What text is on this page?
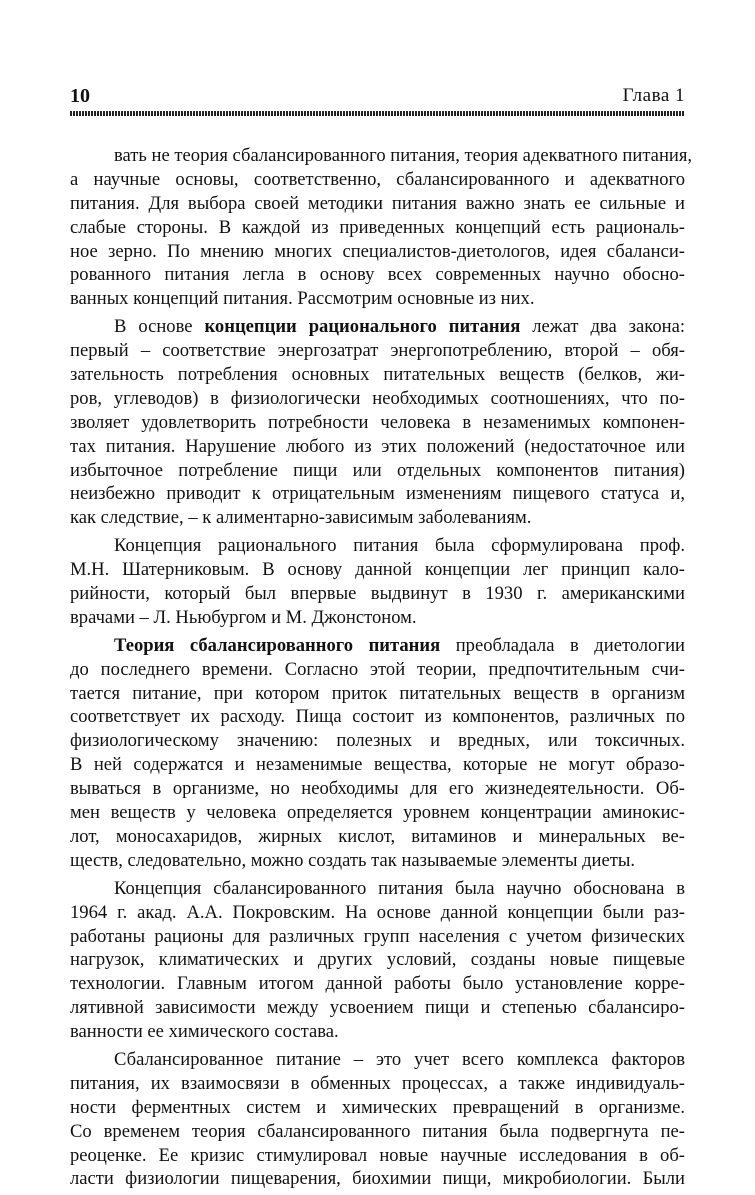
10	Глава 1
вать не теория сбалансированного питания, теория адекватного питания,
а научные основы, соответственно, сбалансированного и адекватного
питания. Для выбора своей методики питания важно знать ее сильные и
слабые стороны. В каждой из приведенных концепций есть рациональ-
ное зерно. По мнению многих специалистов-диетологов, идея сбаланси-
рованного питания легла в основу всех современных научно обосно-
ванных концепций питания. Рассмотрим основные из них.
В основе концепции рационального питания лежат два закона:
первый – соответствие энергозатрат энергопотреблению, второй – обя-
зательность потребления основных питательных веществ (белков, жи-
ров, углеводов) в физиологически необходимых соотношениях, что по-
зволяет удовлетворить потребности человека в незаменимых компонен-
тах питания. Нарушение любого из этих положений (недостаточное или
избыточное потребление пищи или отдельных компонентов питания)
неизбежно приводит к отрицательным изменениям пищевого статуса и,
как следствие, – к алиментарно-зависимым заболеваниям.
Концепция рационального питания была сформулирована проф.
М.Н. Шатерниковым. В основу данной концепции лег принцип кало-
рийности, который был впервые выдвинут в 1930 г. американскими
врачами – Л. Ньюбургом и М. Джонстоном.
Теория сбалансированного питания преобладала в диетологии
до последнего времени. Согласно этой теории, предпочтительным счи-
тается питание, при котором приток питательных веществ в организм
соответствует их расходу. Пища состоит из компонентов, различных по
физиологическому значению: полезных и вредных, или токсичных.
В ней содержатся и незаменимые вещества, которые не могут образо-
вываться в организме, но необходимы для его жизнедеятельности. Об-
мен веществ у человека определяется уровнем концентрации аминокис-
лот, моносахаридов, жирных кислот, витаминов и минеральных ве-
ществ, следовательно, можно создать так называемые элементы диеты.
Концепция сбалансированного питания была научно обоснована в
1964 г. акад. А.А. Покровским. На основе данной концепции были раз-
работаны рационы для различных групп населения с учетом физических
нагрузок, климатических и других условий, созданы новые пищевые
технологии. Главным итогом данной работы было установление корре-
лятивной зависимости между усвоением пищи и степенью сбалансиро-
ванности ее химического состава.
Сбалансированное питание – это учет всего комплекса факторов
питания, их взаимосвязи в обменных процессах, а также индивидуаль-
ности ферментных систем и химических превращений в организме.
Со временем теория сбалансированного питания была подвергнута пе-
реоценке. Ее кризис стимулировал новые научные исследования в об-
ласти физиологии пищеварения, биохимии пищи, микробиологии. Были
